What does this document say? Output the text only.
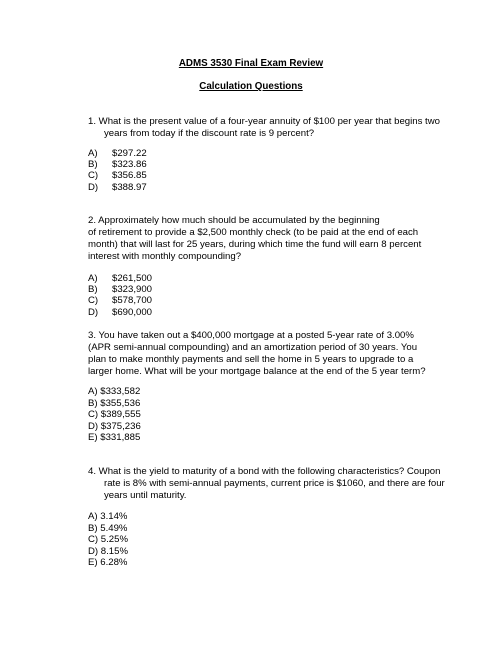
ADMS 3530 Final Exam Review
Calculation Questions
1. What is the present value of a four-year annuity of $100 per year that begins two years from today if the discount rate is 9 percent?
A) $297.22
B) $323.86
C) $356.85
D) $388.97
2. Approximately how much should be accumulated by the beginning
of retirement to provide a $2,500 monthly check (to be paid at the end of each
month) that will last for 25 years, during which time the fund will earn 8 percent
interest with monthly compounding?
A) $261,500
B) $323,900
C) $578,700
D) $690,000
3. You have taken out a $400,000 mortgage at a posted 5-year rate of 3.00% (APR semi-annual compounding) and an amortization period of 30 years. You plan to make monthly payments and sell the home in 5 years to upgrade to a larger home. What will be your mortgage balance at the end of the 5 year term?
A) $333,582
B) $355,536
C) $389,555
D) $375,236
E) $331,885
4. What is the yield to maturity of a bond with the following characteristics? Coupon rate is 8% with semi-annual payments, current price is $1060, and there are four years until maturity.
A) 3.14%
B) 5.49%
C) 5.25%
D) 8.15%
E) 6.28%
